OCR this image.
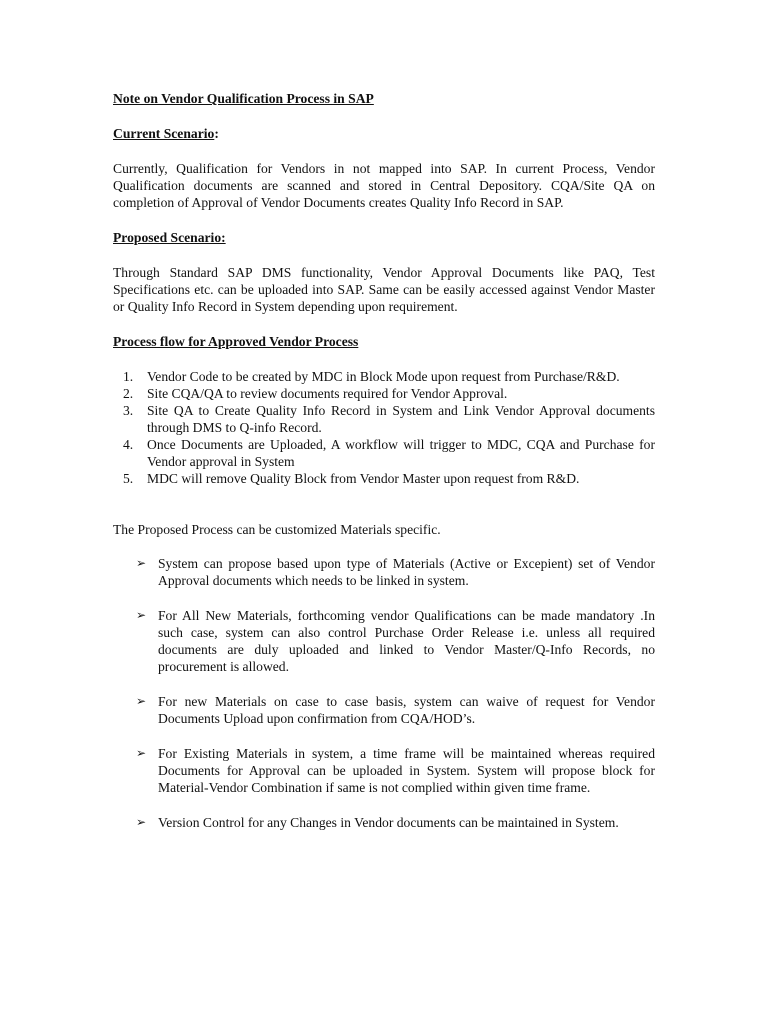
Note on Vendor Qualification Process in SAP

Current Scenario:

Currently, Qualification for Vendors in not mapped into SAP. In current Process, Vendor Qualification documents are scanned and stored in Central Depository. CQA/Site QA on completion of Approval of Vendor Documents creates Quality Info Record in SAP.

Proposed Scenario:

Through Standard SAP DMS functionality, Vendor Approval Documents like PAQ, Test Specifications etc. can be uploaded into SAP. Same can be easily accessed against Vendor Master or Quality Info Record in System depending upon requirement.

Process flow for Approved Vendor Process

1. Vendor Code to be created by MDC in Block Mode upon request from Purchase/R&D.
2. Site CQA/QA to review documents required for Vendor Approval.
3. Site QA to Create Quality Info Record in System and Link Vendor Approval documents through DMS to Q-info Record.
4. Once Documents are Uploaded, A workflow will trigger to MDC, CQA and Purchase for Vendor approval in System
5. MDC will remove Quality Block from Vendor Master upon request from R&D.

The Proposed Process can be customized Materials specific.

➢ System can propose based upon type of Materials (Active or Excepient) set of Vendor Approval documents which needs to be linked in system.
➢ For All New Materials, forthcoming vendor Qualifications can be made mandatory .In such case, system can also control Purchase Order Release i.e. unless all required documents are duly uploaded and linked to Vendor Master/Q-Info Records, no procurement is allowed.
➢ For new Materials on case to case basis, system can waive of request for Vendor Documents Upload upon confirmation from CQA/HOD’s.
➢ For Existing Materials in system, a time frame will be maintained whereas required Documents for Approval can be uploaded in System. System will propose block for Material-Vendor Combination if same is not complied within given time frame.
➢ Version Control for any Changes in Vendor documents can be maintained in System.
